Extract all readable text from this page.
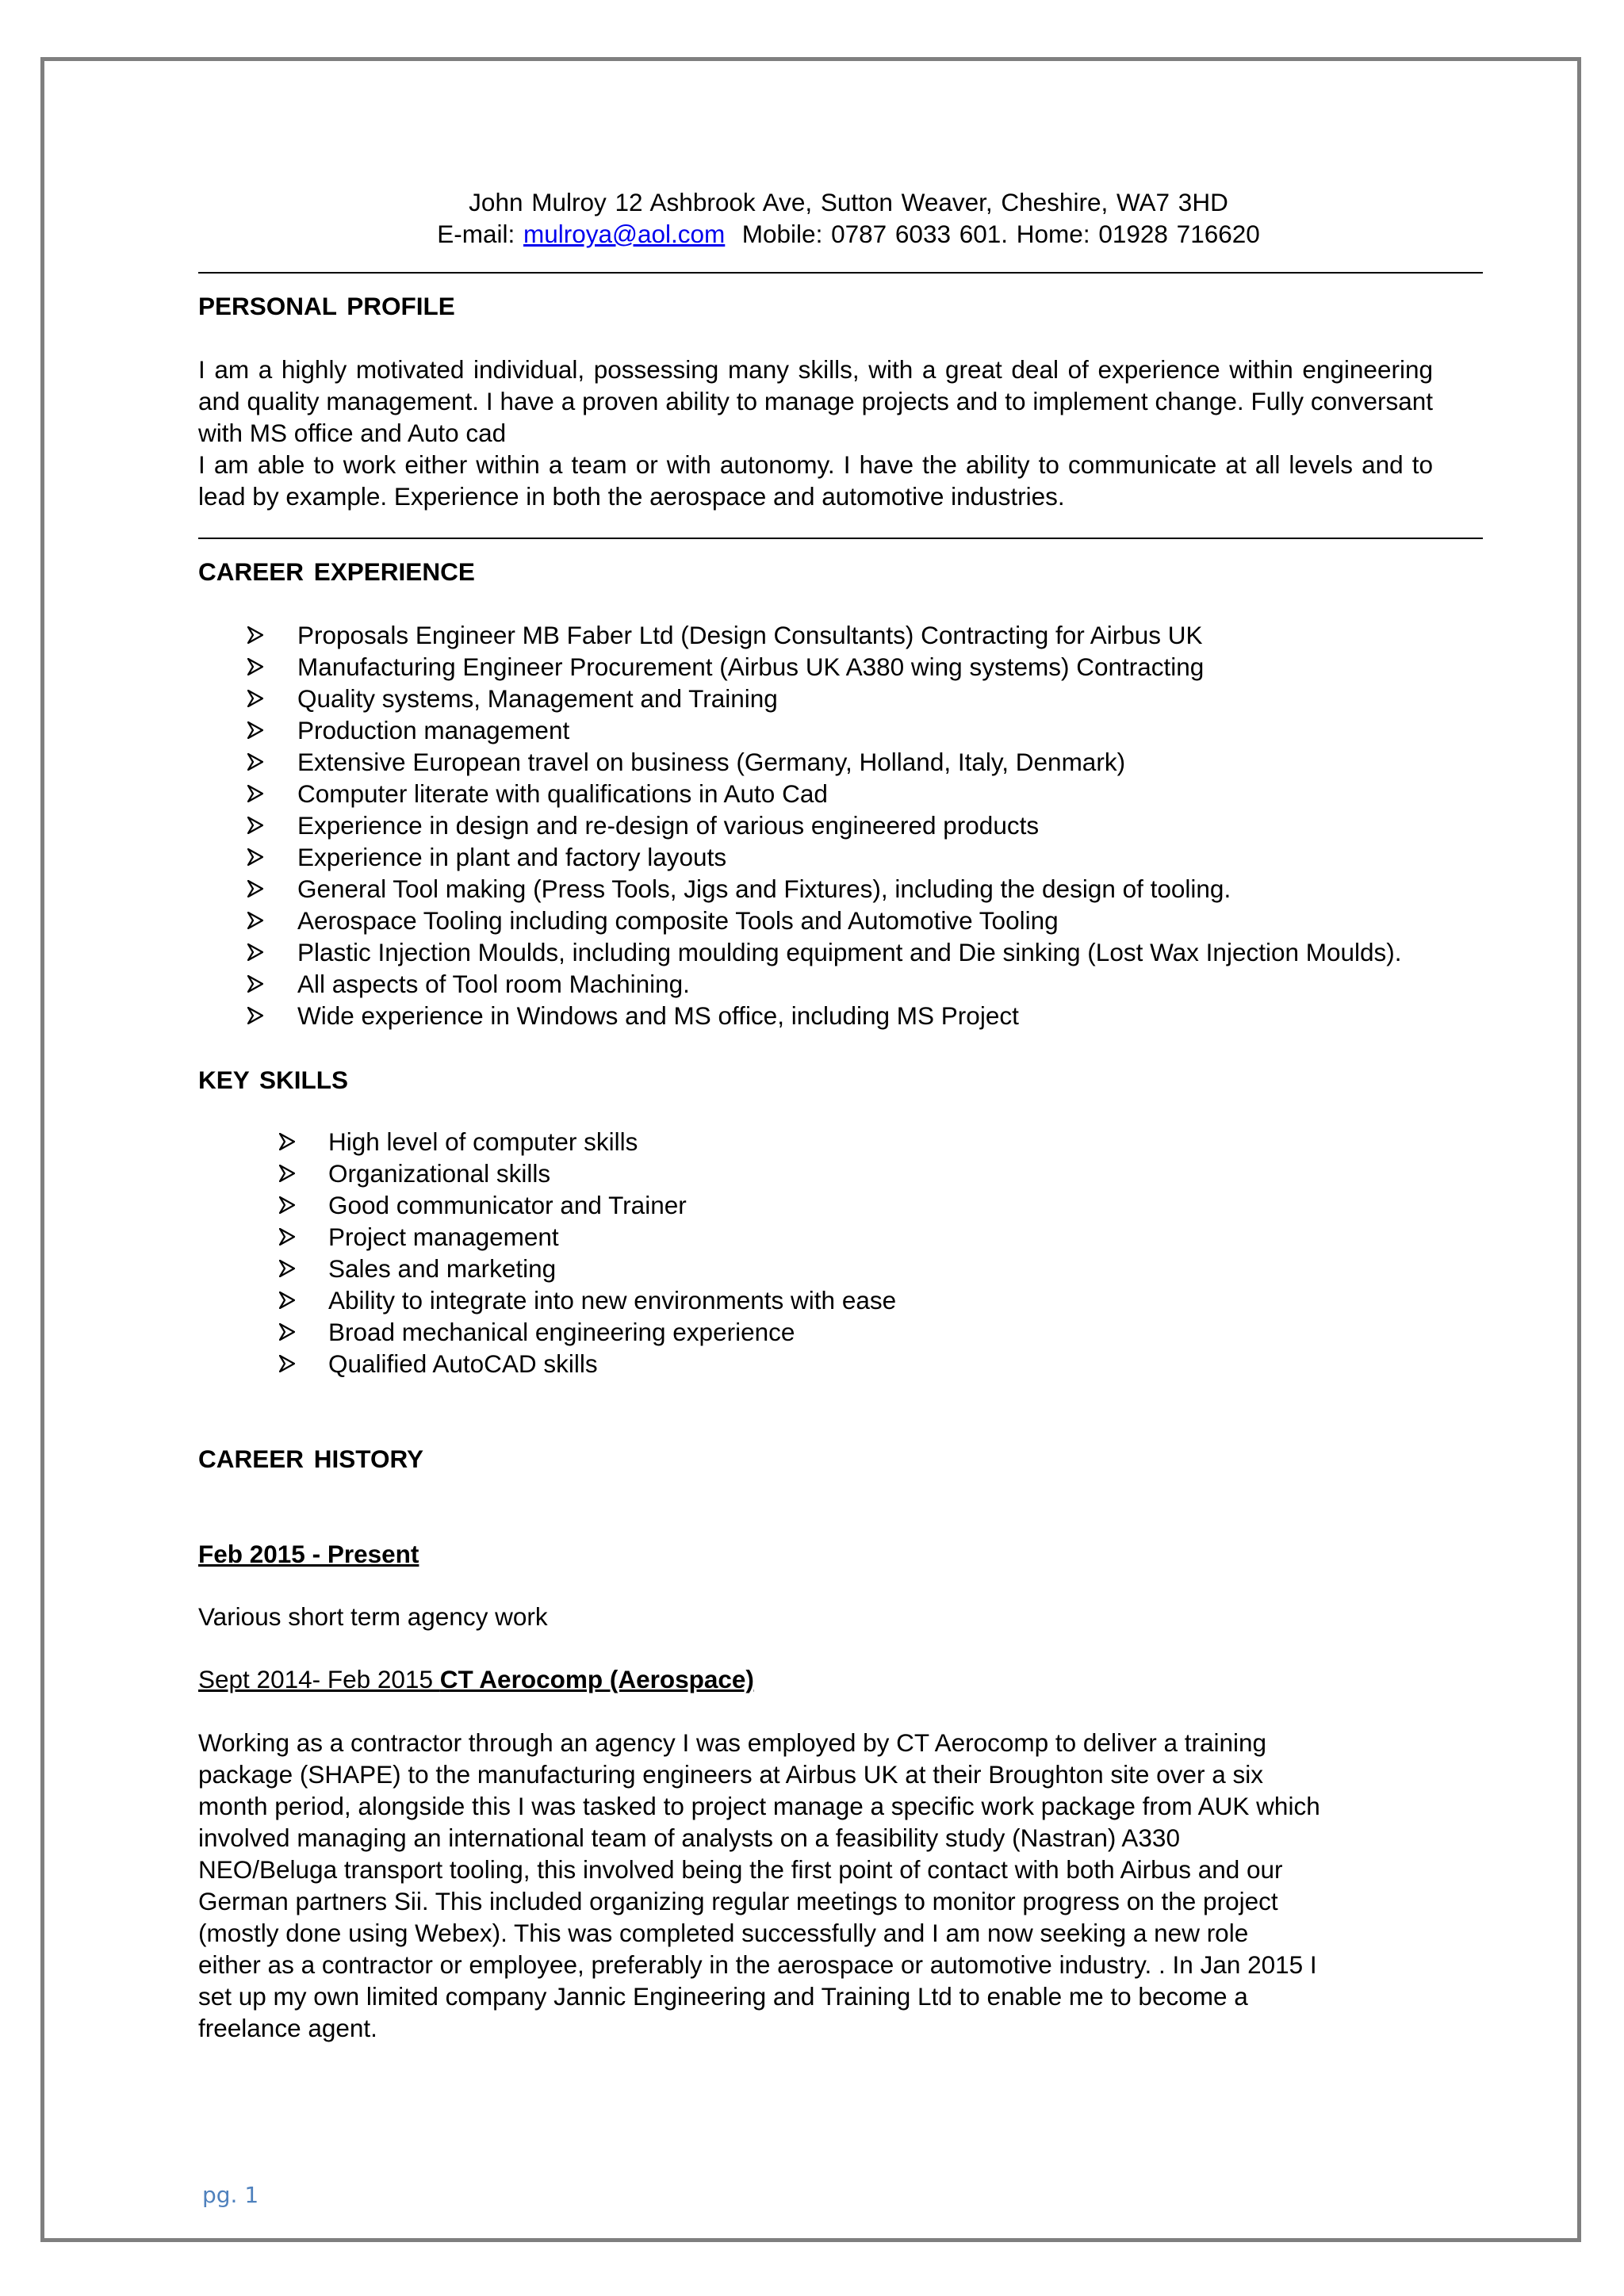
John Mulroy 12 Ashbrook Ave, Sutton Weaver, Cheshire, WA7 3HD
E-mail: mulroya@aol.com  Mobile: 0787 6033 601. Home: 01928 716620
PERSONAL PROFILE
I am a highly motivated individual, possessing many skills, with a great deal of experience within engineering and quality management. I have a proven ability to manage projects and to implement change. Fully conversant with MS office and Auto cad
I am able to work either within a team or with autonomy. I have the ability to communicate at all levels and to lead by example. Experience in both the aerospace and automotive industries.
CAREER EXPERIENCE
Proposals Engineer MB Faber Ltd (Design Consultants) Contracting for Airbus UK
Manufacturing Engineer Procurement (Airbus UK A380 wing systems) Contracting
Quality systems, Management and Training
Production management
Extensive European travel on business (Germany, Holland, Italy, Denmark)
Computer literate with qualifications in Auto Cad
Experience in design and re-design of various engineered products
Experience in plant and factory layouts
General Tool making (Press Tools, Jigs and Fixtures), including the design of tooling.
Aerospace Tooling including composite Tools and Automotive Tooling
Plastic Injection Moulds, including moulding equipment and Die sinking (Lost Wax Injection Moulds).
All aspects of Tool room Machining.
Wide experience in Windows and MS office, including MS Project
KEY SKILLS
High level of computer skills
Organizational skills
Good communicator and Trainer
Project management
Sales and marketing
Ability to integrate into new environments with ease
Broad mechanical engineering experience
Qualified AutoCAD skills
CAREER HISTORY
Feb 2015 - Present
Various short term agency work
Sept 2014- Feb 2015 CT Aerocomp (Aerospace)
Working as a contractor through an agency I was employed by CT Aerocomp to deliver a training
package (SHAPE) to the manufacturing engineers at Airbus UK at their Broughton site over a six
month period, alongside this I was tasked to project manage a specific work package from AUK which
involved managing an international team of analysts on a feasibility study (Nastran) A330
NEO/Beluga transport tooling, this involved being the first point of contact with both Airbus and our
German partners Sii. This included organizing regular meetings to monitor progress on the project
(mostly done using Webex). This was completed successfully and I am now seeking a new role
either as a contractor or employee, preferably in the aerospace or automotive industry. . In Jan 2015 I
set up my own limited company Jannic Engineering and Training Ltd to enable me to become a
freelance agent.
pg. 1
